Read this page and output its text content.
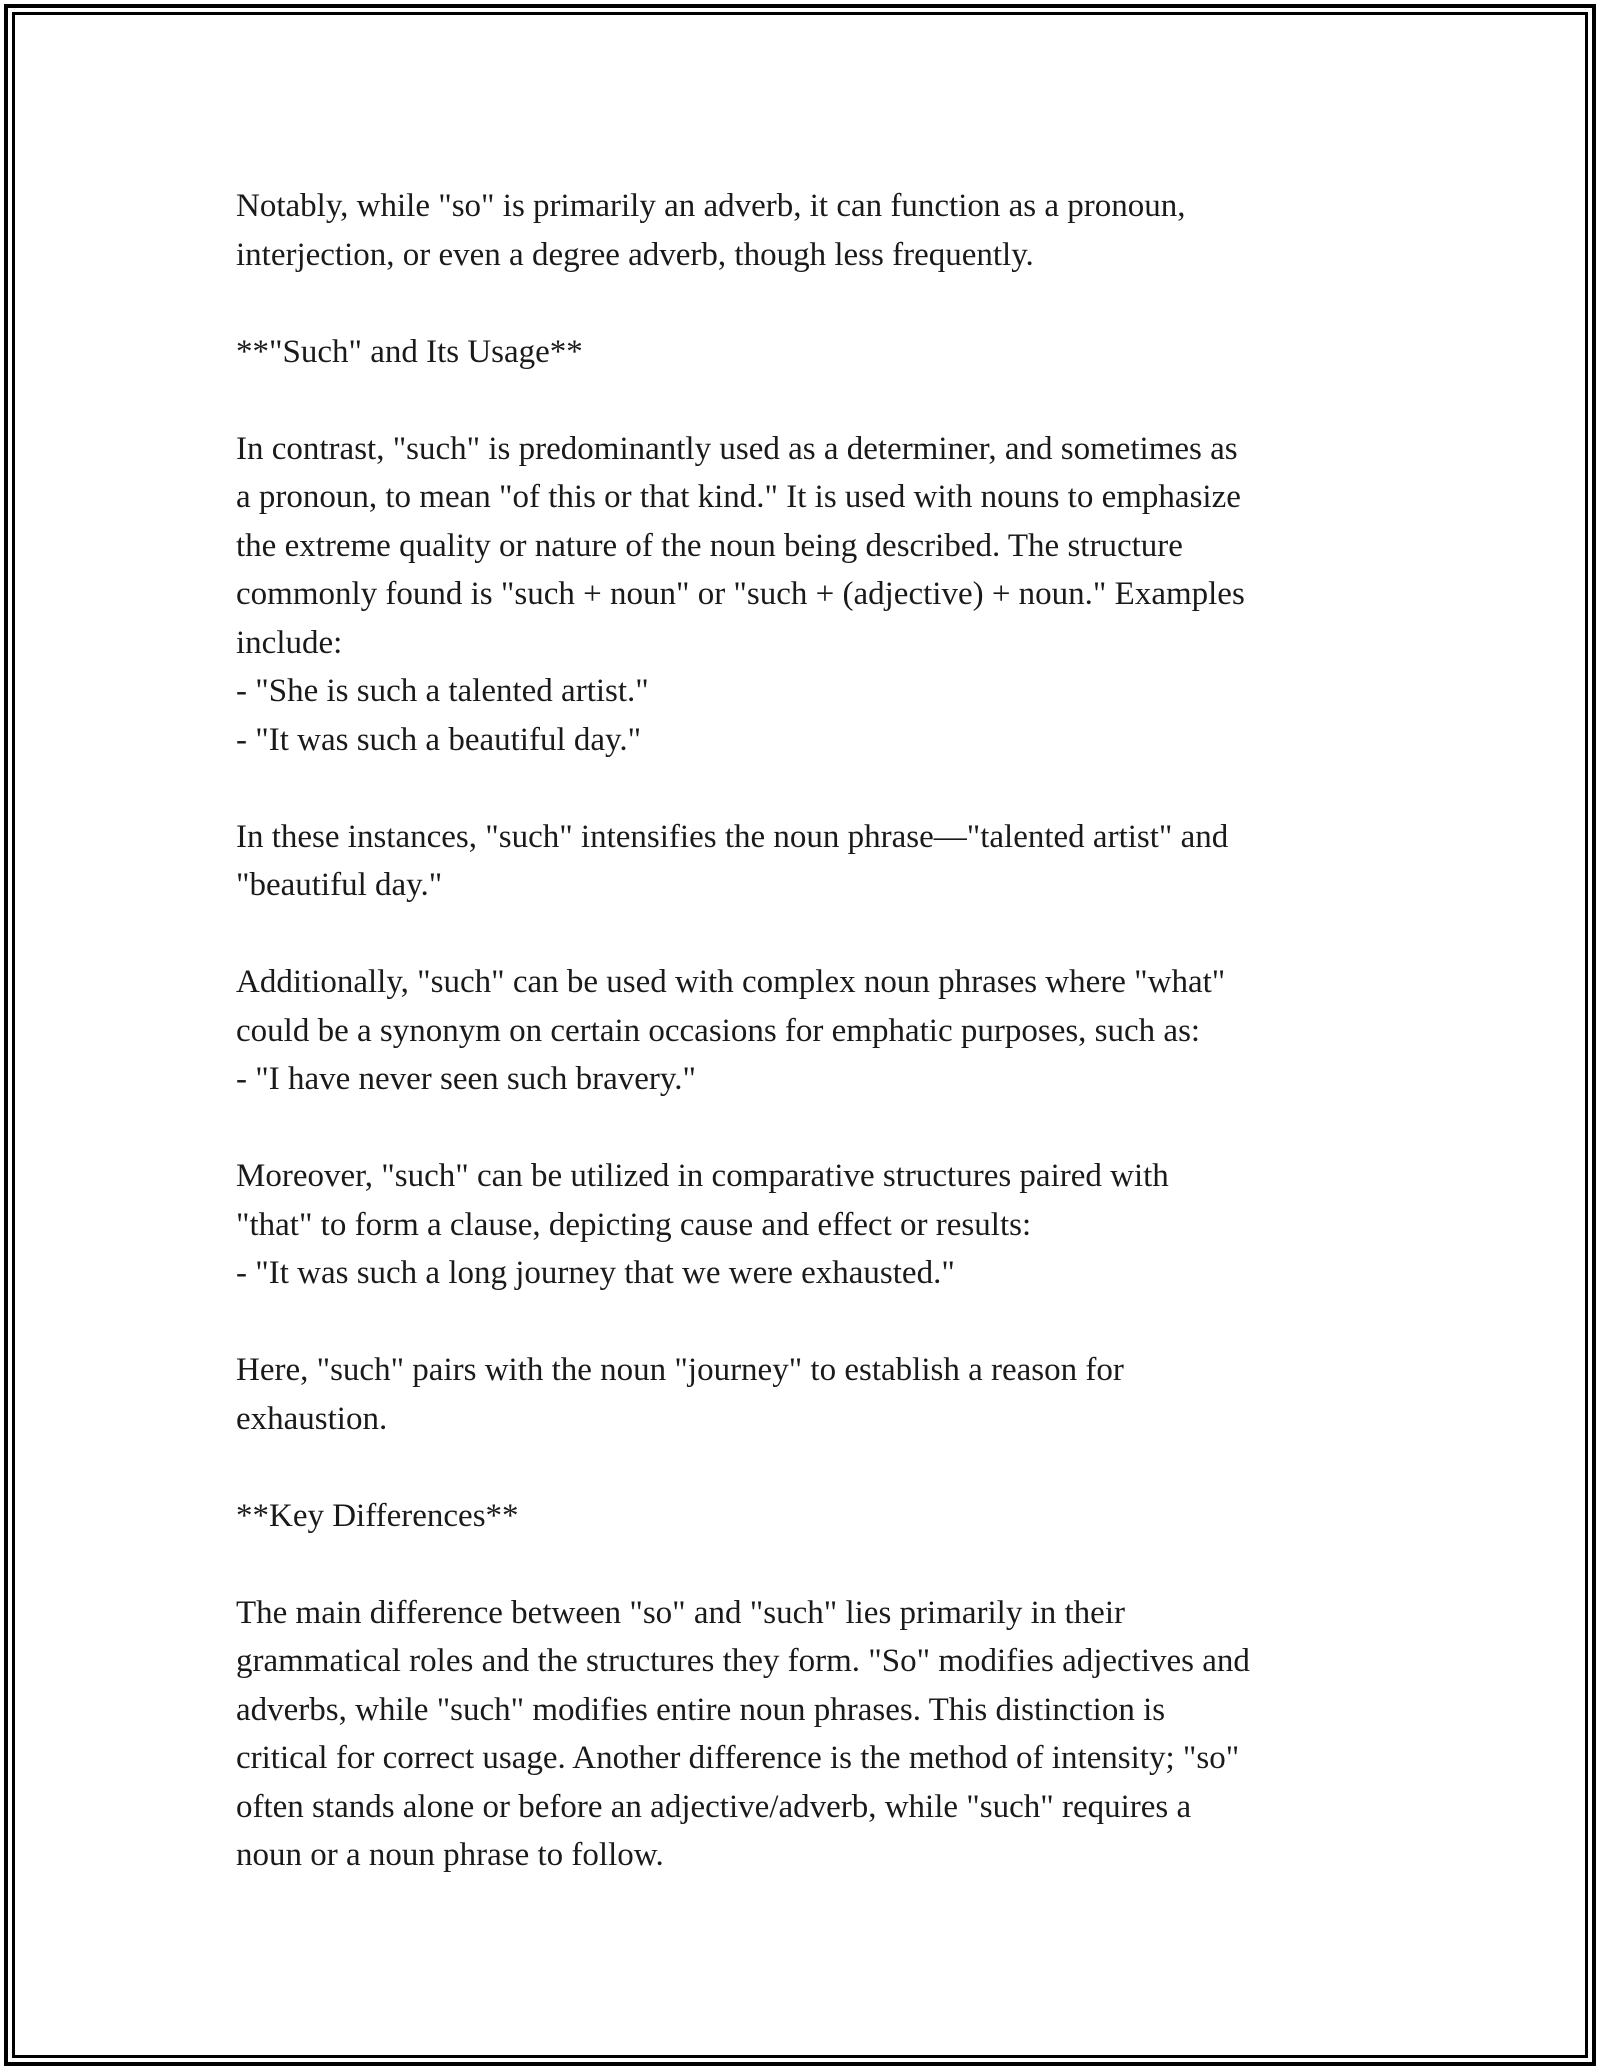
Notably, while "so" is primarily an adverb, it can function as a pronoun,
interjection, or even a degree adverb, though less frequently.

**"Such" and Its Usage**

In contrast, "such" is predominantly used as a determiner, and sometimes as
a pronoun, to mean "of this or that kind." It is used with nouns to emphasize
the extreme quality or nature of the noun being described. The structure
commonly found is "such + noun" or "such + (adjective) + noun." Examples
include:
- "She is such a talented artist."
- "It was such a beautiful day."

In these instances, "such" intensifies the noun phrase—"talented artist" and
"beautiful day."

Additionally, "such" can be used with complex noun phrases where "what"
could be a synonym on certain occasions for emphatic purposes, such as:
- "I have never seen such bravery."

Moreover, "such" can be utilized in comparative structures paired with
"that" to form a clause, depicting cause and effect or results:
- "It was such a long journey that we were exhausted."

Here, "such" pairs with the noun "journey" to establish a reason for
exhaustion.

**Key Differences**

The main difference between "so" and "such" lies primarily in their
grammatical roles and the structures they form. "So" modifies adjectives and
adverbs, while "such" modifies entire noun phrases. This distinction is
critical for correct usage. Another difference is the method of intensity; "so"
often stands alone or before an adjective/adverb, while "such" requires a
noun or a noun phrase to follow.
